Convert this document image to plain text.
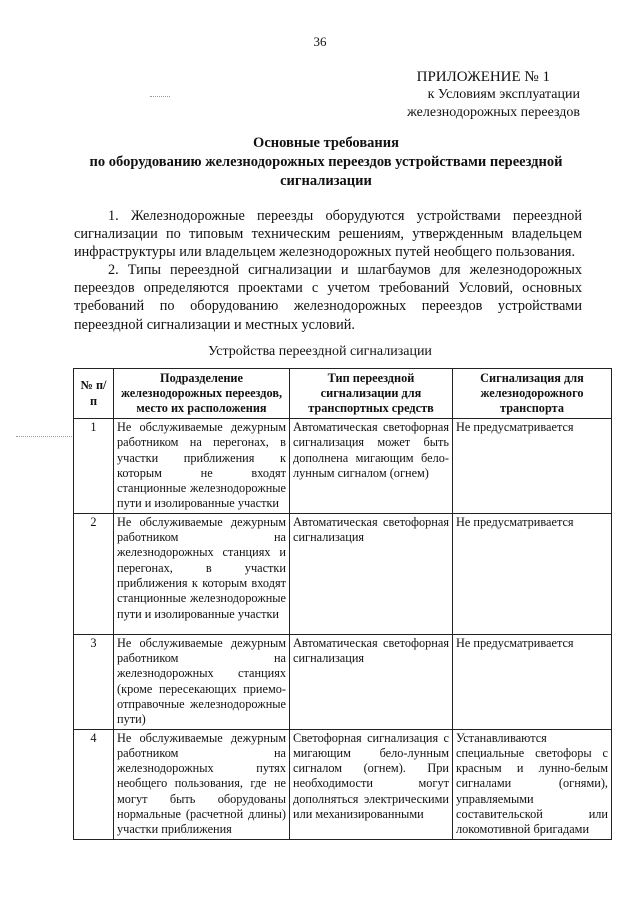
36
ПРИЛОЖЕНИЕ № 1
к Условиям эксплуатации
железнодорожных переездов
Основные требования
по оборудованию железнодорожных переездов устройствами переездной
сигнализации

1. Железнодорожные переезды оборудуются устройствами переездной сигнализации по типовым техническим решениям, утвержденным владельцем инфраструктуры или владельцем железнодорожных путей необщего пользования.

2. Типы переездной сигнализации и шлагбаумов для железнодорожных переездов определяются проектами с учетом требований Условий, основных требований по оборудованию железнодорожных переездов устройствами переездной сигнализации и местных условий.

Устройства переездной сигнализации
№ п/п	Подразделение железнодорожных переездов, место их расположения	Тип переездной сигнализации для транспортных средств	Сигнализация для железнодорожного транспорта
1	Не обслуживаемые дежурным работником на перегонах, в участки приближения к которым не входят станционные железнодорожные пути и изолированные участки	Автоматическая светофорная сигнализация может быть дополнена мигающим бело-лунным сигналом (огнем)	Не предусматривается
2	Не обслуживаемые дежурным работником на железнодорожных станциях и перегонах, в участки приближения к которым входят станционные железнодорожные пути и изолированные участки	Автоматическая светофорная сигнализация	Не предусматривается
3	Не обслуживаемые дежурным работником на железнодорожных станциях (кроме пересекающих приемо-отправочные железнодорожные пути)	Автоматическая светофорная сигнализация	Не предусматривается
4	Не обслуживаемые дежурным работником на железнодорожных путях необщего пользования, где не могут быть оборудованы нормальные (расчетной длины) участки приближения	Светофорная сигнализация с мигающим бело-лунным сигналом (огнем). При необходимости могут дополняться электрическими или механизированными	Устанавливаются специальные светофоры с красным и лунно-белым сигналами (огнями), управляемыми составительской или локомотивной бригадами
